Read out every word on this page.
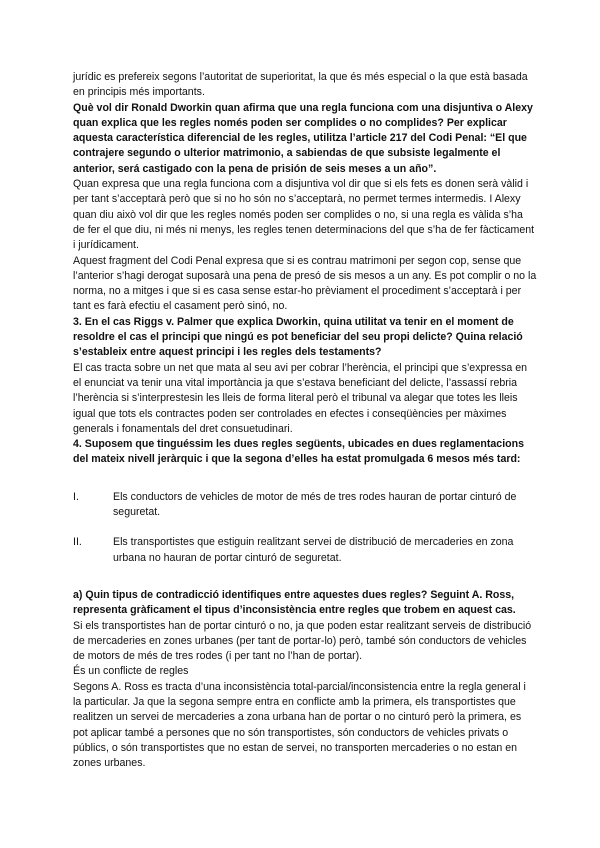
jurídic es prefereix segons l’autoritat de superioritat, la que és més especial o la que està basada en principis més importants.

Què vol dir Ronald Dworkin quan afirma que una regla funciona com una disjuntiva o Alexy quan explica que les regles només poden ser complides o no complides? Per explicar aquesta característica diferencial de les regles, utilitza l’article 217 del Codi Penal: “El que contrajere segundo o ulterior matrimonio, a sabiendas de que subsiste legalmente el anterior, será castigado con la pena de prisión de seis meses a un año”.

Quan expresa que una regla funciona com a disjuntiva vol dir que si els fets es donen serà vàlid i per tant s’acceptarà però que si no ho són no s’acceptarà, no permet termes intermedis. I Alexy quan diu això vol dir que les regles només poden ser complides o no, si una regla es vàlida s’ha de fer el que diu, ni més ni menys, les regles tenen determinacions del que s’ha de fer fàcticament i jurídicament.

Aquest fragment del Codi Penal expresa que si es contrau matrimoni per segon cop, sense que l’anterior s’hagi derogat suposarà una pena de presó de sis mesos a un any. Es pot complir o no la norma, no a mitges i que si es casa sense estar-ho prèviament el procediment s’acceptarà i per tant es farà efectiu el casament però sinó, no.

3. En el cas Riggs v. Palmer que explica Dworkin, quina utilitat va tenir en el moment de resoldre el cas el principi que ningú es pot beneficiar del seu propi delicte? Quina relació s’estableix entre aquest principi i les regles dels testaments?

El cas tracta sobre un net que mata al seu avi per cobrar l’herència, el principi que s’expressa en el enunciat va tenir una vital importància ja que s’estava beneficiant del delicte, l’assassí rebria l’herència si s’interprestesin les lleis de forma literal però el tribunal va alegar que totes les lleis igual que tots els contractes poden ser controlades en efectes i conseqüències per màximes generals i fonamentals del dret consuetudinari.

4. Suposem que tinguéssim les dues regles següents, ubicades en dues reglamentacions del mateix nivell jeràrquic i que la segona d’elles ha estat promulgada 6 mesos més tard:

I.	Els conductors de vehicles de motor de més de tres rodes hauran de portar cinturó de seguretat.
II.	Els transportistes que estiguin realitzant servei de distribució de mercaderies en zona urbana no hauran de portar cinturó de seguretat.

a) Quin tipus de contradicció identifiques entre aquestes dues regles? Seguint A. Ross, representa gràficament el tipus d’inconsistència entre regles que trobem en aquest cas.

Si els transportistes han de portar cinturó o no, ja que poden estar realitzant serveis de distribució de mercaderies en zones urbanes (per tant de portar-lo) però, també són conductors de vehicles de motors de més de tres rodes (i per tant no l’han de portar).

És un conflicte de regles

Segons A. Ross es tracta d’una inconsistència total-parcial/inconsistencia entre la regla general i la particular. Ja que la segona sempre entra en conflicte amb la primera, els transportistes que realitzen un servei de mercaderies a zona urbana han de portar o no cinturó però la primera, es pot aplicar també a persones que no són transportistes, són conductors de vehicles privats o públics, o són transportistes que no estan de servei, no transporten mercaderies o no estan en zones urbanes.
